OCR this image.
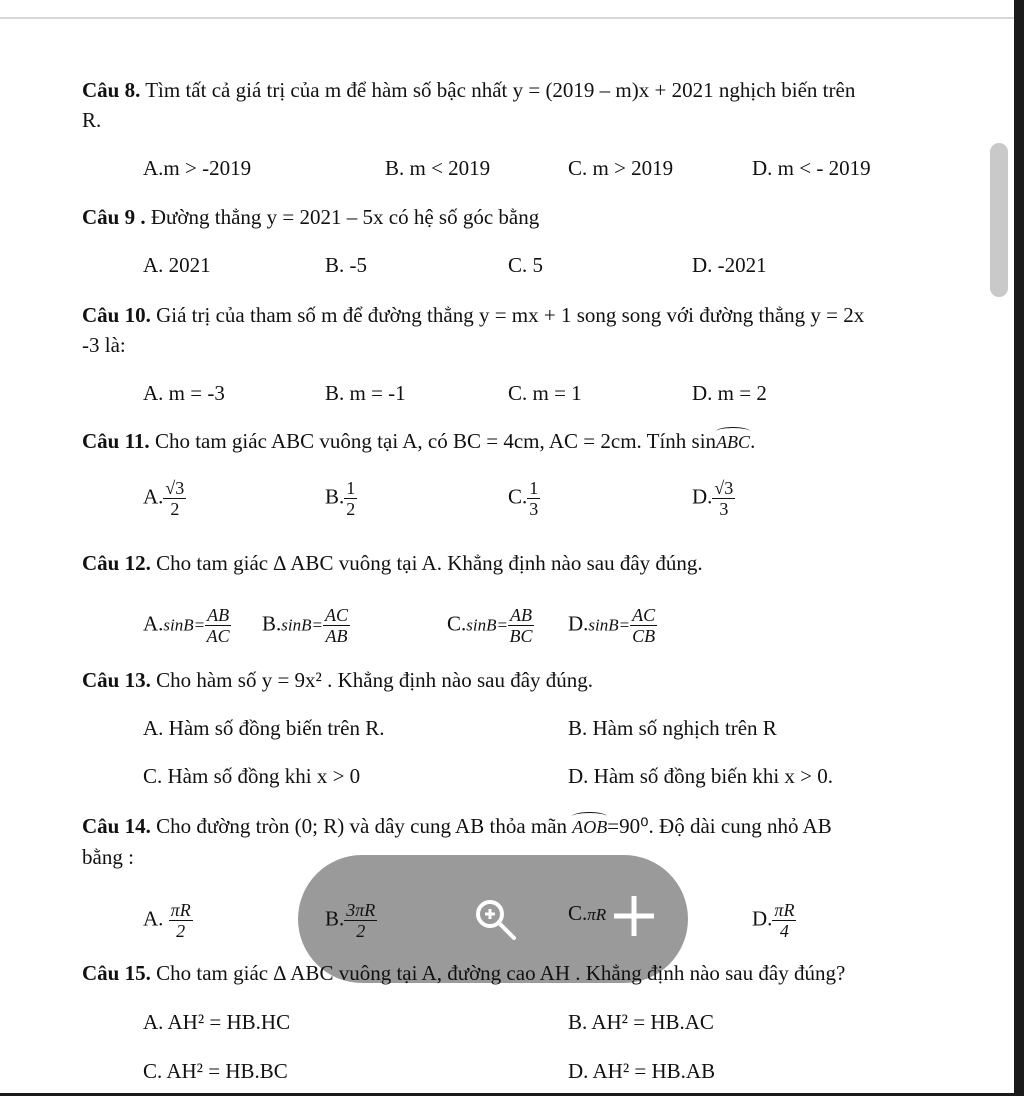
Câu 8. Tìm tất cả giá trị của m để hàm số bậc nhất y = (2019 – m)x + 2021 nghịch biến trên
R.
A.m > -2019	B. m < 2019	C. m > 2019	D. m < - 2019
Câu 9 . Đường thẳng y = 2021 – 5x có hệ số góc bằng
A. 2021	B. -5	C. 5	D. -2021
Câu 10. Giá trị của tham số m để đường thẳng y = mx + 1 song song với đường thẳng y = 2x
-3 là:
A. m = -3	B. m = -1	C. m = 1	D. m = 2
Câu 11. Cho tam giác ABC vuông tại A, có BC = 4cm, AC = 2cm. Tính sinABC.
A. $\frac{√3}{2}$	B. $\frac{1}{2}$	C. $\frac{1}{3}$	D. $\frac{√3}{3}$
Câu 12. Cho tam giác ∆ ABC vuông tại A. Khẳng định nào sau đây đúng.
$A.\sin B= \frac{AB}{AC} B.\sin B= \frac{AC}{AB}$	$C.\sin B= \frac{AB}{BC} D.\sin B= \frac{AC}{CB}$
Câu 13. Cho hàm số y = 9x² . Khẳng định nào sau đây đúng.
A. Hàm số đồng biến trên R.	B. Hàm số nghịch trên R
C. Hàm số đồng khi x > 0	D. Hàm số đồng biến khi x > 0.
Câu 14. Cho đường tròn (0; R) và dây cung AB thỏa mãn AOB=90⁰. Độ dài cung nhỏ AB
bằng :
A. $\frac{\pi R}{2}$	B. $\frac{3\pi R}{2}$	C.πR	D. $\frac{\pi R}{4}$
Câu 15. Cho tam giác ∆ ABC vuông tại A, đường cao AH . Khẳng định nào sau đây đúng?
A. AH² = HB.HC	B. AH² = HB.AC
C. AH² = HB.BC	D. AH² = HB.AB
